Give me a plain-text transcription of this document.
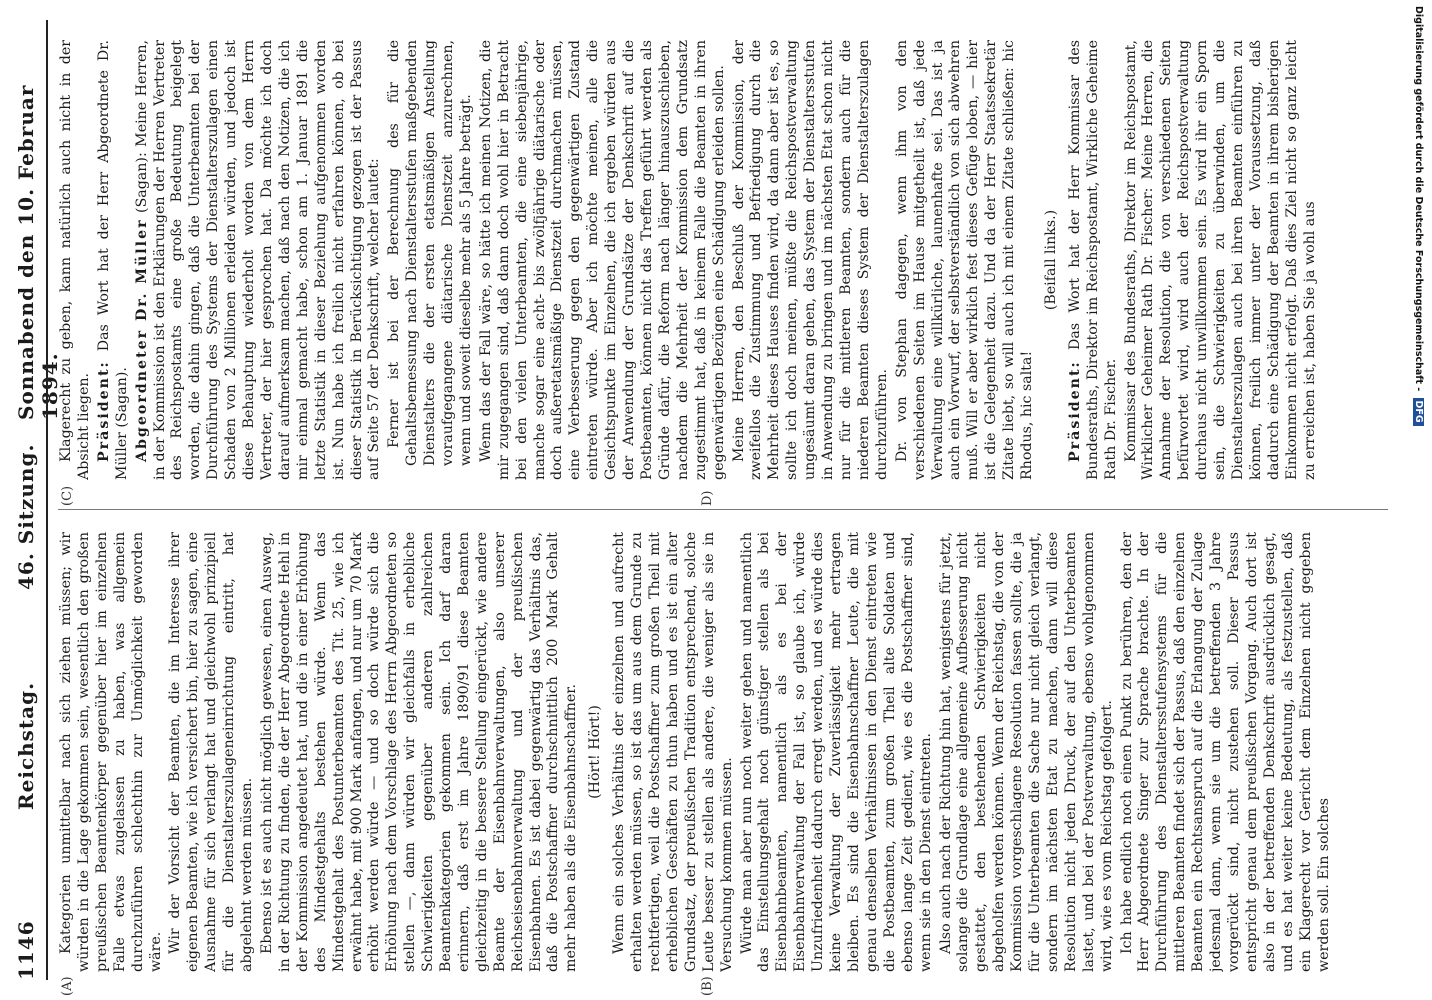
1146
Reichstag.
46. Sitzung.
Sonnabend den 10. Februar 1894.
(A)	(B)
(C)	D)

Kategorien unmittelbar nach sich ziehen müssen; wir würden in die Lage gekommen sein, wesentlich den großen preußischen Beamtenkörper gegenüber hier im einzelnen Falle etwas zugelassen zu haben, was allgemein durchzuführen schlechthin zur Unmöglichkeit geworden wäre. Wir der Vorsicht der Beamten, die im Interesse ihrer eigenen Beamten, wie ich versichert bin, hier zu sagen, eine Ausnahme für sich verlangt hat und gleichwohl prinzipiell für die Dienstalterszulageneinrichtung eintritt, hat abgelehnt werden müssen. Ebenso ist es auch nicht möglich gewesen, einen Ausweg, in der Richtung zu finden, die der Herr Abgeordnete Hehl in der Kommission angedeutet hat, und die in einer Erhöhung des Mindestgehalts bestehen würde. Wenn das Mindestgehalt des Postunterbeamten des Tit. 25, wie ich erwähnt habe, mit 900 Mark anfangen, und nur um 70 Mark erhöht werden würde — und so doch würde sich die Erhöhung nach dem Vorschlage des Herrn Abgeordneten so stellen —, dann würden wir gleichfalls in erhebliche Schwierigkeiten gegenüber anderen zahlreichen Beamtenkategorien gekommen sein. Ich darf daran erinnern, daß erst im Jahre 1890/91 diese Beamten gleichzeitig in die bessere Stellung eingerückt, wie andere Beamte der Eisenbahnverwaltungen, also unserer Reichseisenbahnverwaltung und der preußischen Eisenbahnen. Es ist dabei gegenwärtig das Verhältnis das, daß die Postschaffner durchschnittlich 200 Mark Gehalt mehr haben als die Eisenbahnschaffner. (Hört! Hört!) Wenn ein solches Verhältnis der einzelnen und aufrecht erhalten werden müssen, so ist das um aus dem Grunde zu rechtfertigen, weil die Postschaffner zum großen Theil mit erheblichen Geschäften zu thun haben und es ist ein alter Grundsatz, der preußischen Tradition entsprechend, solche Leute besser zu stellen als andere, die weniger als sie in Versuchung kommen müssen. Würde man aber nun noch weiter gehen und namentlich das Einstellungsgehalt noch günstiger stellen als bei Eisenbahnbeamten, namentlich als es bei der Eisenbahnverwaltung der Fall ist, so glaube ich, würde Unzufriedenheit dadurch erregt werden, und es würde dies keine Verwaltung der Zuverlässigkeit mehr ertragen bleiben. Es sind die Eisenbahnschaffner Leute, die mit genau denselben Verhältnissen in den Dienst eintreten wie die Postbeamten, zum großen Theil alte Soldaten und ebenso lange Zeit gedient, wie es die Postschaffner sind, wenn sie in den Dienst eintreten. Also auch nach der Richtung hin hat, wenigstens für jetzt, solange die Grundlage eine allgemeine Aufbesserung nicht gestattet, den bestehenden Schwierigkeiten nicht abgeholfen werden können. Wenn der Reichstag, die von der Kommission vorgeschlagene Resolution fassen sollte, die ja für die Unterbeamten die Sache nur nicht gleich verlangt, sondern im nächsten Etat zu machen, dann will diese Resolution nicht jeden Druck, der auf den Unterbeamten lastet, und bei der Postverwaltung, ebenso wohlgenommen wird, wie es vom Reichstag gefolgert. Ich habe endlich noch einen Punkt zu berühren, den der Herr Abgeordnete Singer zur Sprache brachte. In der Durchführung des Dienstaltersstufensystems für die mittleren Beamten findet sich der Passus, daß den einzelnen Beamten ein Rechtsanspruch auf die Erlangung der Zulage jedesmal dann, wenn sie um die betreffenden 3 Jahre vorgerückt sind, nicht zustehen soll. Dieser Passus entspricht genau dem preußischen Vorgang. Auch dort ist also in der betreffenden Denkschrift ausdrücklich gesagt, und es hat weiter keine Bedeutung, als festzustellen, daß ein Klagerecht vor Gericht dem Einzelnen nicht gegeben werden soll. Ein solches

Klagerecht zu geben, kann natürlich auch nicht in der Absicht liegen. Präsident: Das Wort hat der Herr Abgeordnete Dr. Müller (Sagan). Abgeordneter Dr. Müller (Sagan): Meine Herren, in der Kommission ist den Erklärungen der Herren Vertreter des Reichspostamts eine große Bedeutung beigelegt worden, die dahin gingen, daß die Unterbeamten bei der Durchführung des Systems der Dienstalterszulagen einen Schaden von 2 Millionen erleiden würden, und jedoch ist diese Behauptung wiederholt worden von dem Herrn Vertreter, der hier gesprochen hat. Da möchte ich doch darauf aufmerksam machen, daß nach den Notizen, die ich mir einmal gemacht habe, schon am 1. Januar 1891 die letzte Statistik in dieser Beziehung aufgenommen worden ist. Nun habe ich freilich nicht erfahren können, ob bei dieser Statistik in Berücksichtigung gezogen ist der Passus auf Seite 57 der Denkschrift, welcher lautet: Ferner ist bei der Berechnung des für die Gehaltsbemessung nach Dienstaltersstufen maßgebenden Dienstalters die der ersten etatsmäßigen Anstellung voraufgegangene diätarische Dienstzeit anzurechnen, wenn und soweit dieselbe mehr als 5 Jahre beträgt. Wenn das der Fall wäre, so hätte ich meinen Notizen, die mir zugegangen sind, daß dann doch wohl hier in Betracht bei den vielen Unterbeamten, die eine siebenjährige, manche sogar eine acht- bis zwölfjährige diätarische oder doch außeretatsmäßige Dienstzeit durchmachen müssen, eine Verbesserung gegen den gegenwärtigen Zustand eintreten würde. Aber ich möchte meinen, alle die Gesichtspunkte im Einzelnen, die ich ergeben würden aus der Anwendung der Grundsätze der Denkschrift auf die Postbeamten, können nicht das Treffen geführt werden als Gründe dafür, die Reform nach länger hinauszuschieben, nachdem die Mehrheit der Kommission dem Grundsatz zugestimmt hat, daß in keinem Falle die Beamten in ihren gegenwärtigen Bezügen eine Schädigung erleiden sollen. Meine Herren, den Beschluß der Kommission, der zweifellos die Zustimmung und Befriedigung durch die Mehrheit dieses Hauses finden wird, da dann aber ist es, so sollte ich doch meinen, müßte die Reichspostverwaltung ungesäumt daran gehen, das System der Dienstaltersstufen in Anwendung zu bringen und im nächsten Etat schon nicht nur für die mittleren Beamten, sondern auch für die niederen Beamten dieses System der Dienstalterszulagen durchzuführen. Dr. von Stephan dagegen, wenn ihm von den verschiedenen Seiten im Hause mitgetheilt ist, daß jede Verwaltung eine willkürliche, launenhafte sei. Das ist ja auch ein Vorwurf, der selbstverständlich von sich abwehren muß. Will er aber wirklich fest dieses Gefüge loben, — hier ist die Gelegenheit dazu. Und da der Herr Staatssekretär Zitate liebt, so will auch ich mit einem Zitate schließen: hic Rhodus, hic salta!

(Beifall links.)

Präsident: Das Wort hat der Herr Kommissar des Bundesraths, Direktor im Reichspostamt, Wirkliche Geheime Rath Dr. Fischer. Kommissar des Bundesraths, Direktor im Reichspostamt, Wirklicher Geheimer Rath Dr. Fischer: Meine Herren, die Annahme der Resolution, die von verschiedenen Seiten befürwortet wird, wird auch der Reichspostverwaltung durchaus nicht unwillkommen sein. Es wird ihr ein Sporn sein, die Schwierigkeiten zu überwinden, um die Dienstalterszulagen auch bei ihren Beamten einführen zu können, freilich immer unter der Voraussetzung, daß dadurch eine Schädigung der Beamten in ihrem bisherigen Einkommen nicht erfolgt. Daß dies Ziel nicht so ganz leicht zu erreichen ist, haben Sie ja wohl aus	Digitalisierung gefördert durch die Deutsche Forschungsgemeinschaft - DFG
